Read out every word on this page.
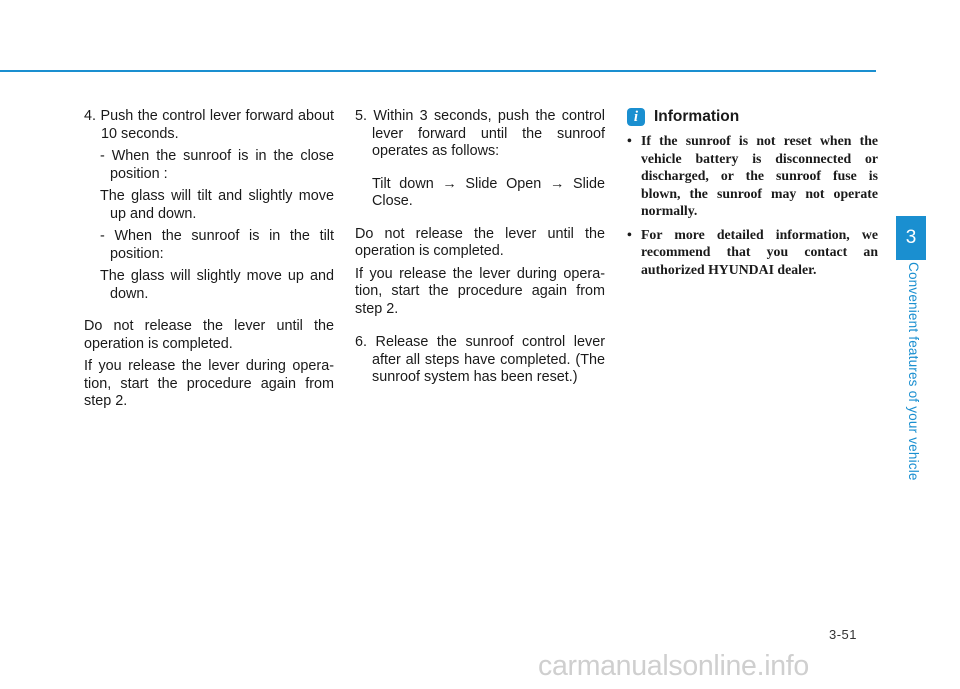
4. Push the control lever forward about 10 seconds.

- When the sunroof is in the close position :

The glass will tilt and slightly move up and down.

- When the sunroof is in the tilt position:

The glass will slightly move up and down.

Do not release the lever until the operation is completed.

If you release the lever during opera-tion, start the procedure again from step 2.

5. Within 3 seconds, push the control lever forward until the sunroof operates as follows:

Tilt down → Slide Open → Slide Close.

Do not release the lever until the operation is completed.

If you release the lever during opera-tion, start the procedure again from step 2.

6. Release the sunroof control lever after all steps have completed. (The sunroof system has been reset.)

i	Information
• If the sunroof is not reset when the vehicle battery is disconnected or discharged, or the sunroof fuse is blown, the sunroof may not operate normally.
• For more detailed information, we recommend that you contact an authorized HYUNDAI dealer.
3
Convenient features of your vehicle
3-51
carmanualsonline.info
